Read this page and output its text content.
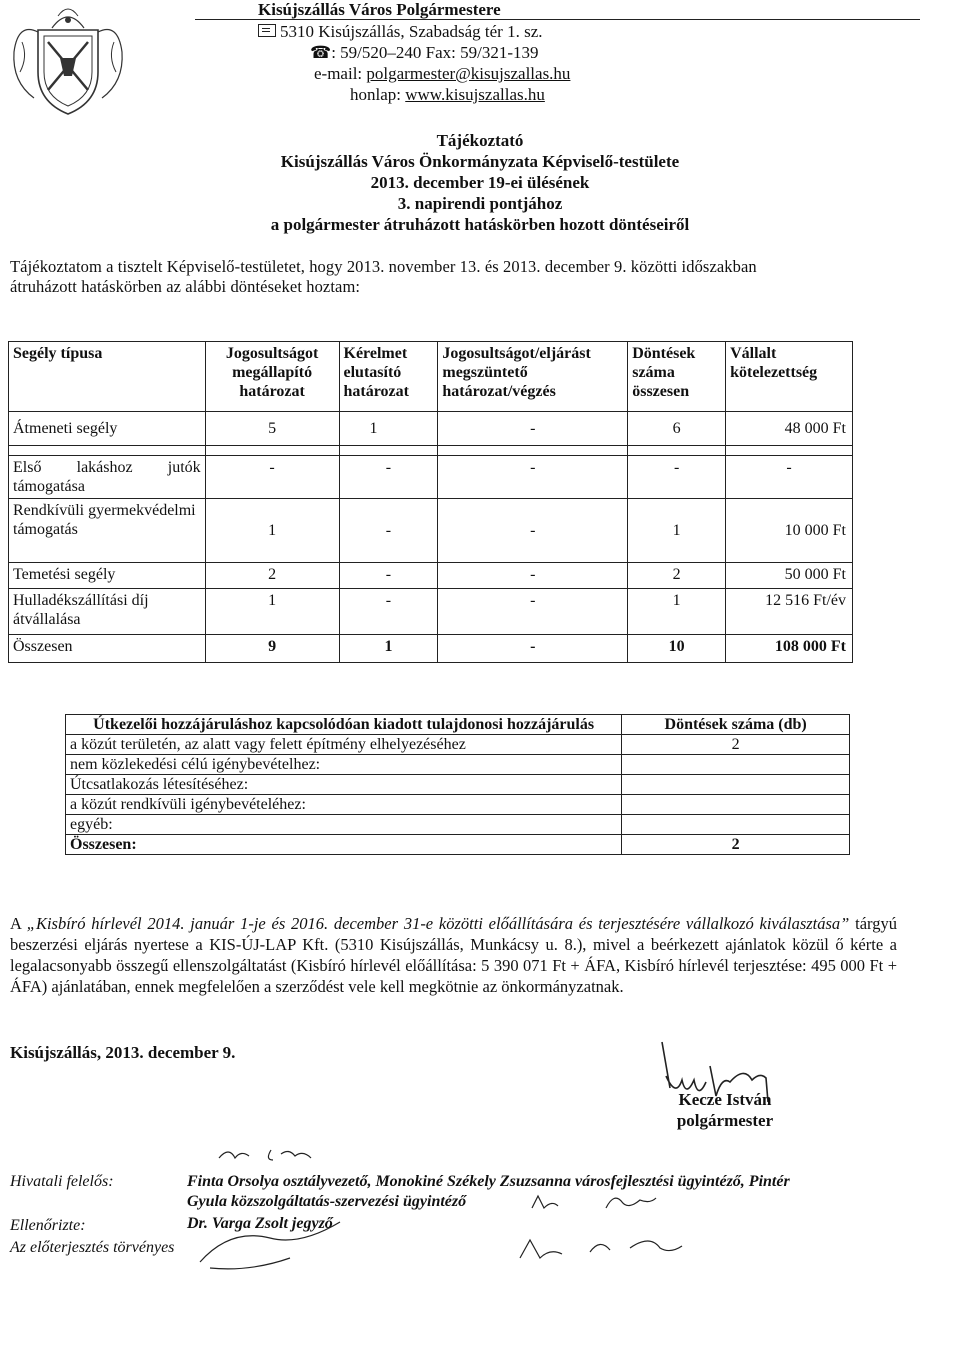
Kisújszállás Város Polgármestere
5310 Kisújszállás, Szabadság tér 1. sz.
☎: 59/520–240 Fax: 59/321-139
e-mail: polgarmester@kisujszallas.hu
honlap: www.kisujszallas.hu
Tájékoztató
Kisújszállás Város Önkormányzata Képviselő-testülete
2013. december 19-ei ülésének
3. napirendi pontjához
a polgármester átruházott hatáskörben hozott döntéseiről
Tájékoztatom a tisztelt Képviselő-testületet, hogy 2013. november 13. és 2013. december 9. közötti időszakban
átruházott hatáskörben az alábbi döntéseket hoztam:
Segély típusa	Jogosultságot megállapító határozat	Kérelmet elutasító határozat	Jogosultságot/eljárást megszüntető határozat/végzés	Döntések száma összesen	Vállalt kötelezettség
Átmeneti segély	5	1	-	6	48 000 Ft

Első lakáshoz jutók támogatása	-	-	-	-	-
Rendkívüli gyermekvédelmi támogatás	1	-	-	1	10 000 Ft
Temetési segély	2	-	-	2	50 000 Ft
Hulladékszállítási díj átvállalása	1	-	-	1	12 516 Ft/év
Összesen	9	1	-	10	108 000 Ft
Útkezelői hozzájáruláshoz kapcsolódóan kiadott tulajdonosi hozzájárulás	Döntések száma (db)
a közút területén, az alatt vagy felett építmény elhelyezéséhez	2
nem közlekedési célú igénybevételhez:	
Útcsatlakozás létesítéséhez:	
a közút rendkívüli igénybevételéhez:	
egyéb:	
Összesen:	2
A „Kisbíró hírlevél 2014. január 1-je és 2016. december 31-e közötti előállítására és terjesztésére vállalkozó kiválasztása” tárgyú beszerzési eljárás nyertese a KIS-ÚJ-LAP Kft. (5310 Kisújszállás, Munkácsy u. 8.), mivel a beérkezett ajánlatok közül ő kérte a legalacsonyabb összegű ellenszolgáltatást (Kisbíró hírlevél előállítása: 5 390 071 Ft + ÁFA, Kisbíró hírlevél terjesztése: 495 000 Ft + ÁFA) ajánlatában, ennek megfelelően a szerződést vele kell megkötnie az önkormányzatnak.
Kisújszállás, 2013. december 9.
Kecze István
polgármester
Hivatali felelős:	Finta Orsolya osztályvezető, Monokiné Székely Zsuzsanna városfejlesztési ügyintéző, Pintér
Gyula közszolgáltatás-szervezési ügyintéző
Ellenőrizte:	Dr. Varga Zsolt jegyző
Az előterjesztés törvényes
